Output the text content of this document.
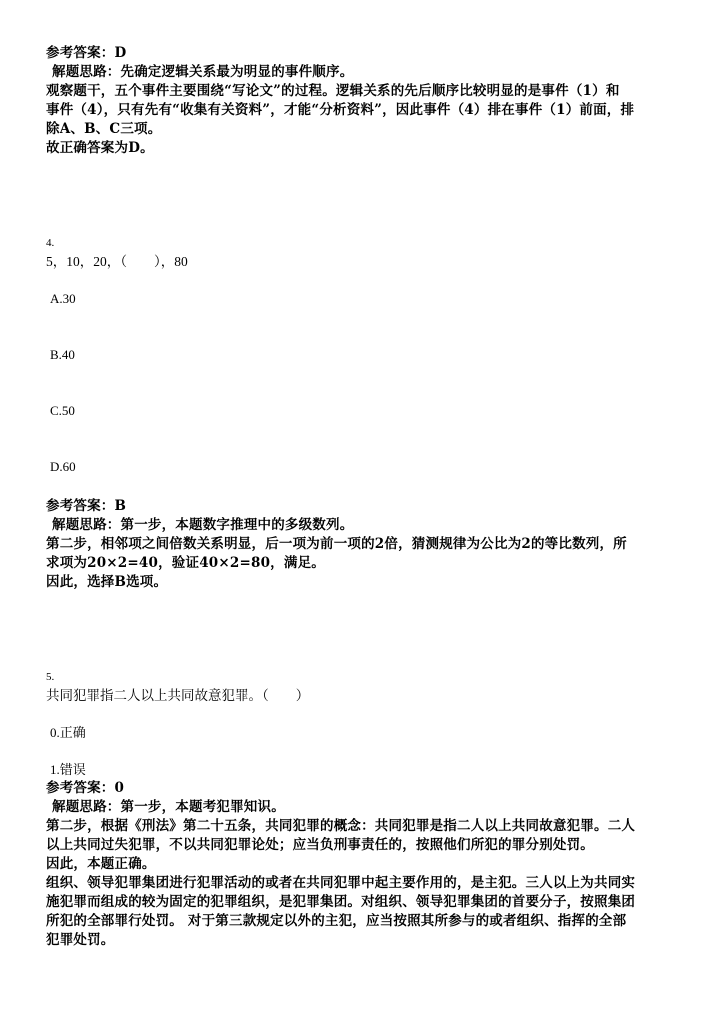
参考答案：D
解题思路：先确定逻辑关系最为明显的事件顺序。
观察题干，五个事件主要围绕“写论文”的过程。逻辑关系的先后顺序比较明显的是事件（1）和
事件（4），只有先有“收集有关资料”，才能“分析资料”，因此事件（4）排在事件（1）前面，排
除A、B、C三项。
故正确答案为D。
4.
5，10，20，（　　），80
A.30
B.40
C.50
D.60
参考答案：B
解题思路：第一步，本题数字推理中的多级数列。
第二步，相邻项之间倍数关系明显，后一项为前一项的2倍，猜测规律为公比为2的等比数列，所
求项为20×2=40，验证40×2=80，满足。
因此，选择B选项。
5.
共同犯罪指二人以上共同故意犯罪。（　　）
0.正确
1.错误
参考答案：0
解题思路：第一步，本题考犯罪知识。
第二步，根据《刑法》第二十五条，共同犯罪的概念：共同犯罪是指二人以上共同故意犯罪。二人
以上共同过失犯罪，不以共同犯罪论处；应当负刑事责任的，按照他们所犯的罪分别处罚。
因此，本题正确。
组织、领导犯罪集团进行犯罪活动的或者在共同犯罪中起主要作用的，是主犯。三人以上为共同实
施犯罪而组成的较为固定的犯罪组织，是犯罪集团。对组织、领导犯罪集团的首要分子，按照集团
所犯的全部罪行处罚。 对于第三款规定以外的主犯，应当按照其所参与的或者组织、指挥的全部
犯罪处罚。
